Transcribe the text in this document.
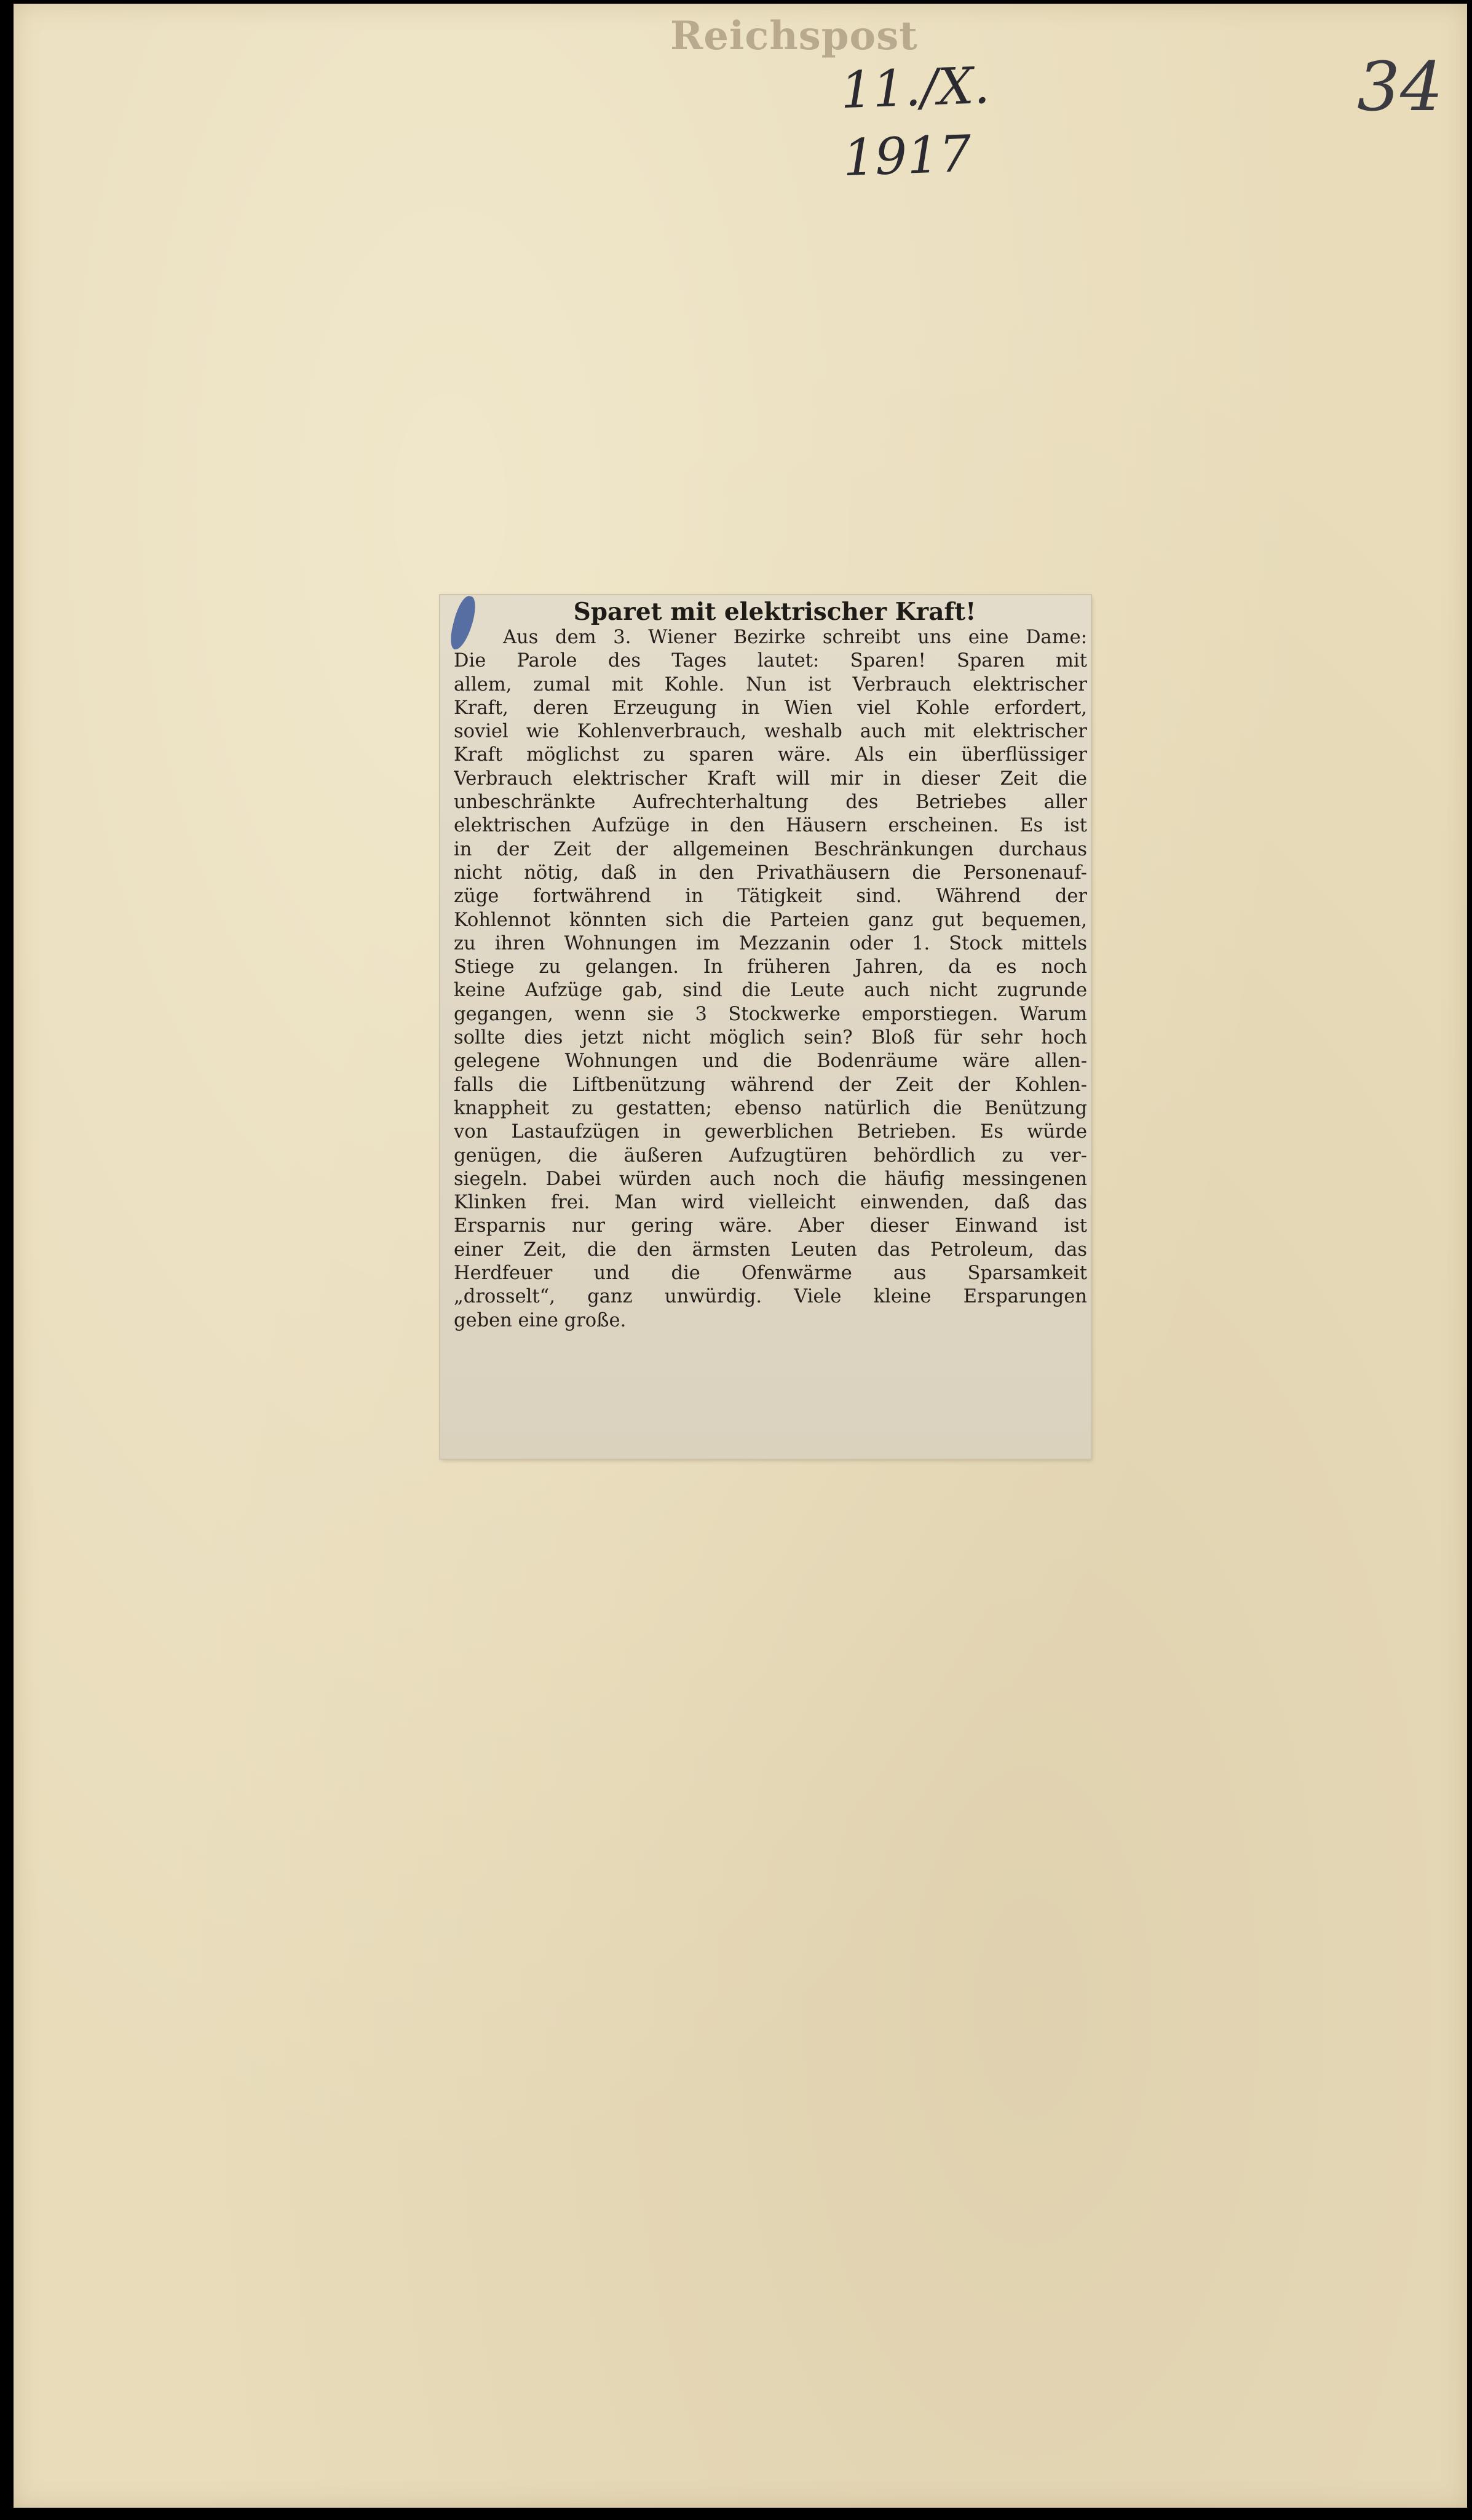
Reichspost
11./X. 1917
34
Sparet mit elektrischer Kraft!
Aus dem 3. Wiener Bezirke schreibt uns eine Dame:
Die Parole des Tages lautet: Sparen! Sparen mit
allem, zumal mit Kohle. Nun ist Verbrauch elektrischer
Kraft, deren Erzeugung in Wien viel Kohle erfordert,
soviel wie Kohlenverbrauch, weshalb auch mit elektrischer
Kraft möglichst zu sparen wäre. Als ein überflüssiger
Verbrauch elektrischer Kraft will mir in dieser Zeit die
unbeschränkte Aufrechterhaltung des Betriebes aller
elektrischen Aufzüge in den Häusern erscheinen. Es ist
in der Zeit der allgemeinen Beschränkungen durchaus
nicht nötig, daß in den Privathäusern die Personenauf-
züge fortwährend in Tätigkeit sind. Während der
Kohlennot könnten sich die Parteien ganz gut bequemen,
zu ihren Wohnungen im Mezzanin oder 1. Stock mittels
Stiege zu gelangen. In früheren Jahren, da es noch
keine Aufzüge gab, sind die Leute auch nicht zugrunde
gegangen, wenn sie 3 Stockwerke emporstiegen. Warum
sollte dies jetzt nicht möglich sein? Bloß für sehr hoch
gelegene Wohnungen und die Bodenräume wäre allen-
falls die Liftbenützung während der Zeit der Kohlen-
knappheit zu gestatten; ebenso natürlich die Benützung
von Lastaufzügen in gewerblichen Betrieben. Es würde
genügen, die äußeren Aufzugtüren behördlich zu ver-
siegeln. Dabei würden auch noch die häufig messingenen
Klinken frei. Man wird vielleicht einwenden, daß das
Ersparnis nur gering wäre. Aber dieser Einwand ist
einer Zeit, die den ärmsten Leuten das Petroleum, das
Herdfeuer und die Ofenwärme aus Sparsamkeit
„drosselt“, ganz unwürdig. Viele kleine Ersparungen
geben eine große.
